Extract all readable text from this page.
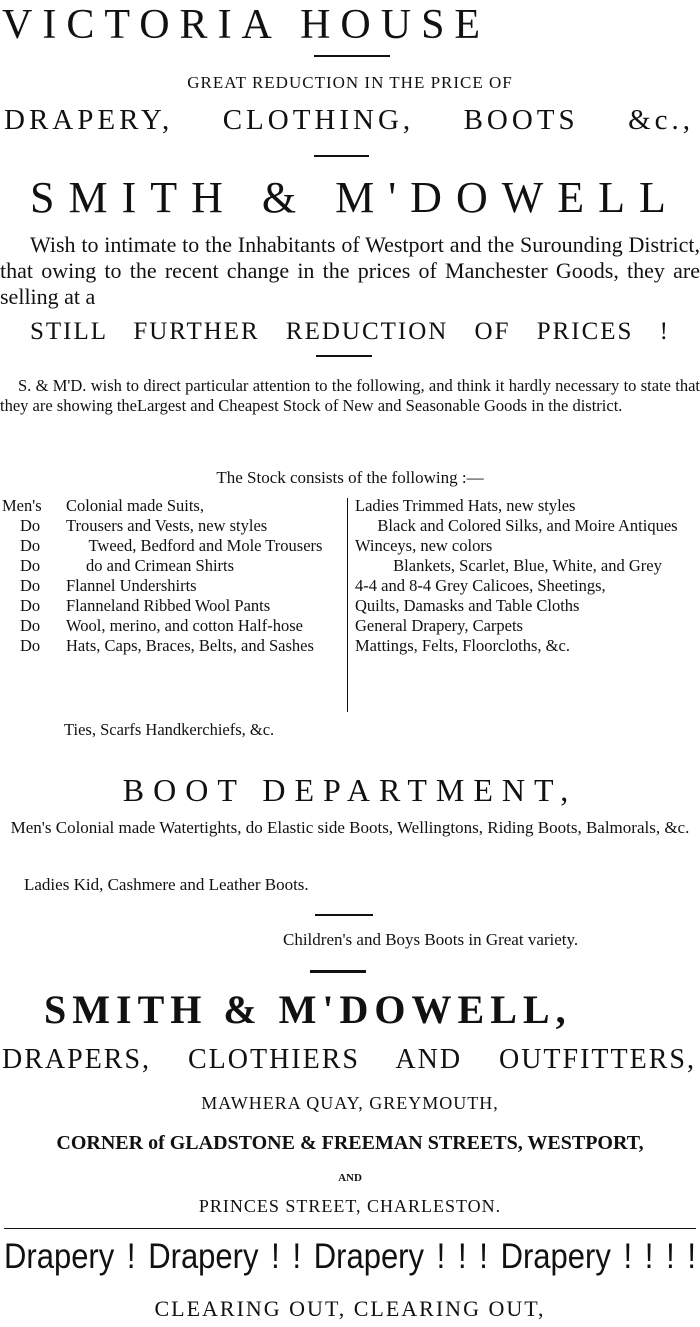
VICTORIA HOUSE
GREAT REDUCTION IN THE PRICE OF
DRAPERY, CLOTHING, BOOTS &c.,
SMITH & M'DOWELL
Wish to intimate to the Inhabitants of Westport and the Surounding District, that owing to the recent change in the prices of Manchester Goods, they are selling at a
STILL FURTHER REDUCTION OF PRICES !
S. & M'D. wish to direct particular attention to the following, and think it hardly necessary to state that they are showing theLargest and Cheapest Stock of New and Seasonable Goods in the district.
The Stock consists of the following :—
Men's	Colonial made Suits,
Do	Trousers and Vests, new styles
Do	Tweed, Bedford and Mole Trousers
Do	do and Crimean Shirts
Do	Flannel Undershirts
Do	Flanneland Ribbed Wool Pants
Do	Wool, merino, and cotton Half-hose
Do	Hats, Caps, Braces, Belts, and Sashes
Ladies Trimmed Hats, new styles
Black and Colored Silks, and Moire Antiques
Winceys, new colors
Blankets, Scarlet, Blue, White, and Grey
4-4 and 8-4 Grey Calicoes, Sheetings,
Quilts, Damasks and Table Cloths
General Drapery, Carpets
Mattings, Felts, Floorcloths, &c.
Ties, Scarfs Handkerchiefs, &c.
BOOT DEPARTMENT,
Men's Colonial made Watertights, do Elastic side Boots, Wellingtons, Riding Boots, Balmorals, &c.
Ladies Kid, Cashmere and Leather Boots.
Children's and Boys Boots in Great variety.
SMITH & M'DOWELL,
DRAPERS, CLOTHIERS AND OUTFITTERS,
MAWHERA QUAY, GREYMOUTH,
CORNER of GLADSTONE & FREEMAN STREETS, WESTPORT,
AND
PRINCES STREET, CHARLESTON.
Drapery ! Drapery ! ! Drapery ! ! ! Drapery ! ! ! !
CLEARING OUT, CLEARING OUT,
